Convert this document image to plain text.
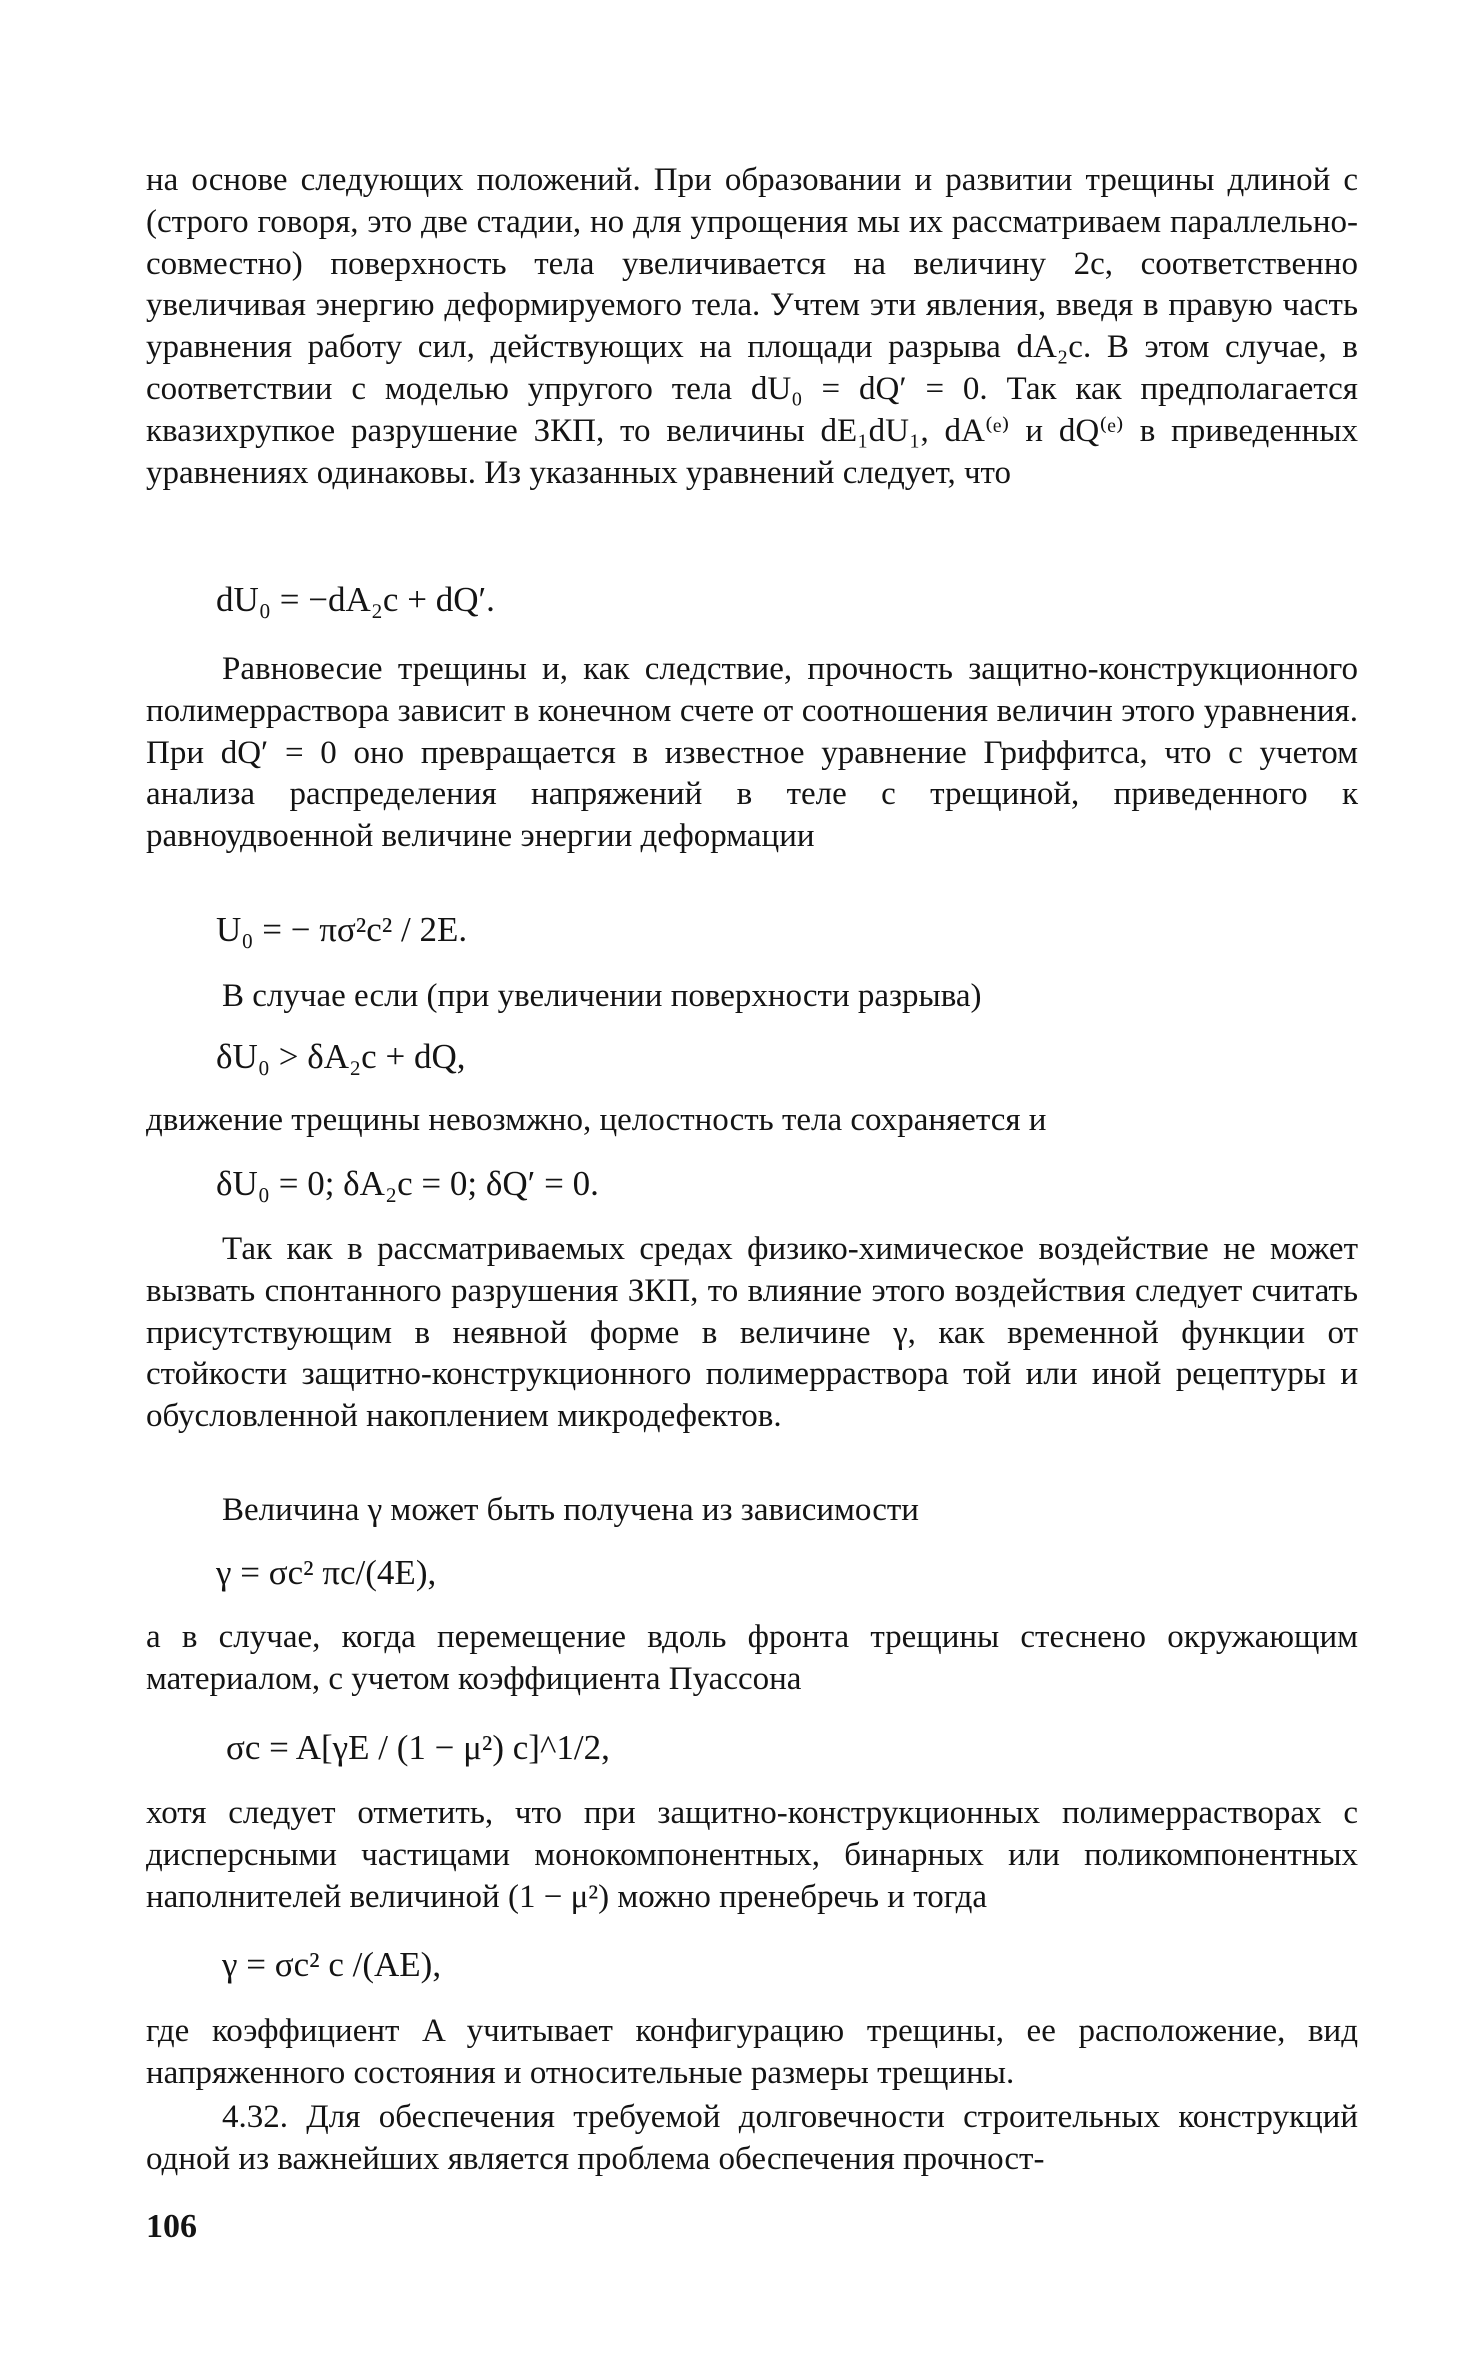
на основе следующих положений. При образовании и развитии трещины длиной c (строго говоря, это две стадии, но для упрощения мы их рассматриваем параллельно-совместно) поверхность тела увеличивается на величину 2c, соответственно увеличивая энергию деформируемого тела. Учтем эти явления, введя в правую часть уравнения работу сил, действующих на площади разрыва dA₂c. В этом случае, в соответствии с моделью упругого тела dU₀ = dQ′ = 0. Так как предполагается квазихрупкое разрушение ЗКП, то величины dE₁dU₁, dA⁽ᵉ⁾ и dQ⁽ᵉ⁾ в приведенных уравнениях одинаковы. Из указанных уравнений следует, что

dU₀ = −dA₂c + dQ′.

Равновесие трещины и, как следствие, прочность защитно-конструкционного полимерраствора зависит в конечном счете от соотношения величин этого уравнения. При dQ′ = 0 оно превращается в известное уравнение Гриффитса, что с учетом анализа распределения напряжений в теле с трещиной, приведенного к равноудвоенной величине энергии деформации

U₀ = − πσ²c² / 2E.

В случае если (при увеличении поверхности разрыва)

δU₀ > δA₂c + dQ,

движение трещины невозмжно, целостность тела сохраняется и

δU₀ = 0; δA₂c = 0; δQ′ = 0.

Так как в рассматриваемых средах физико-химическое воздействие не может вызвать спонтанного разрушения ЗКП, то влияние этого воздействия следует считать присутствующим в неявной форме в величине γ, как временной функции от стойкости защитно-конструкционного полимерраствора той или иной рецептуры и обусловленной накоплением микродефектов.

Величина γ может быть получена из зависимости

γ = σc² πc/(4E),

а в случае, когда перемещение вдоль фронта трещины стеснено окружающим материалом, с учетом коэффициента Пуассона

σc = A[γE / (1 − μ²) c]^1/2,

хотя следует отметить, что при защитно-конструкционных полимеррастворах с дисперсными частицами монокомпонентных, бинарных или поликомпонентных наполнителей величиной (1 − μ²) можно пренебречь и тогда

γ = σc² c /(AE),

где коэффициент A учитывает конфигурацию трещины, ее расположение, вид напряженного состояния и относительные размеры трещины.

4.32. Для обеспечения требуемой долговечности строительных конструкций одной из важнейших является проблема обеспечения прочност-

106
